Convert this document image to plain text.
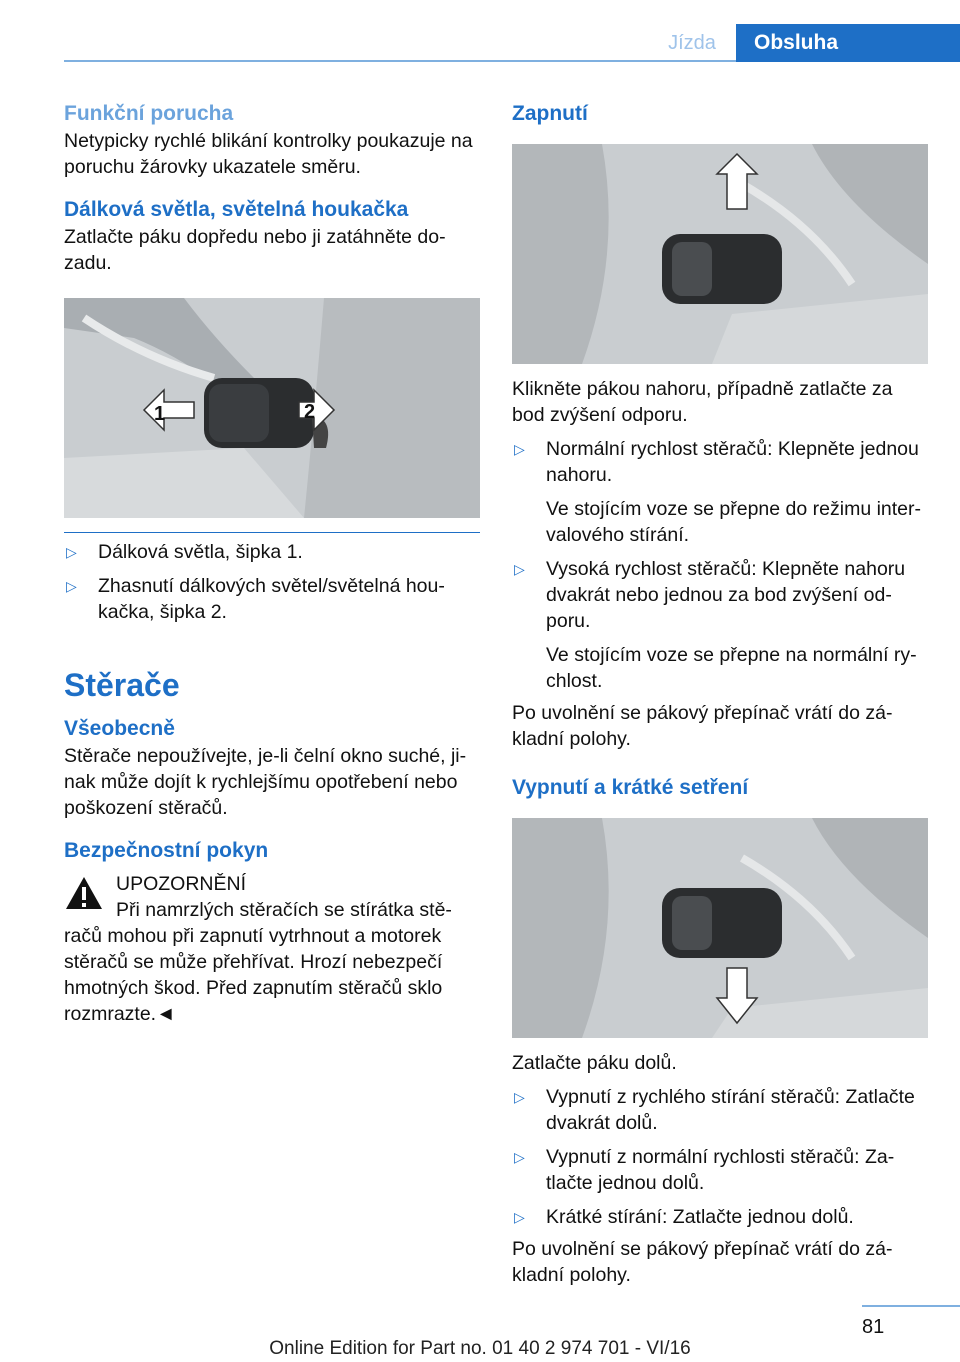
Jízda	Obsluha
Funkční porucha

Netypicky rychlé blikání kontrolky poukazuje na poruchu žárovky ukazatele směru.

Dálková světla, světelná houkačka

Zatlačte páku dopředu nebo ji zatáhněte do-zadu.

1	2
▷ Dálková světla, šipka 1.
▷ Zhasnutí dálkových světel/světelná hou-kačka, šipka 2.
Stěrače
Všeobecně

Stěrače nepoužívejte, je-li čelní okno suché, ji-nak může dojít k rychlejšímu opotřebení nebo poškození stěračů.

Bezpečnostní pokyn

UPOZORNĚNÍ

Při namrzlých stěračích se stírátka stě-

račů mohou při zapnutí vytrhnout a motorek stěračů se může přehřívat. Hrozí nebezpečí hmotných škod. Před zapnutím stěračů sklo rozmrazte.◄

Zapnutí

Klikněte pákou nahoru, případně zatlačte za bod zvýšení odporu.

▷ Normální rychlost stěračů: Klepněte jednou nahoru.
Ve stojícím voze se přepne do režimu inter-valového stírání.
▷ Vysoká rychlost stěračů: Klepněte nahoru dvakrát nebo jednou za bod zvýšení od-poru.
Ve stojícím voze se přepne na normální ry-chlost.

Po uvolnění se pákový přepínač vrátí do zá-kladní polohy.

Vypnutí a krátké setření

Zatlačte páku dolů.

▷ Vypnutí z rychlého stírání stěračů: Zatlačte dvakrát dolů.
▷ Vypnutí z normální rychlosti stěračů: Za-tlačte jednou dolů.
▷ Krátké stírání: Zatlačte jednou dolů.

Po uvolnění se pákový přepínač vrátí do zá-kladní polohy.

81
Online Edition for Part no. 01 40 2 974 701 - VI/16
